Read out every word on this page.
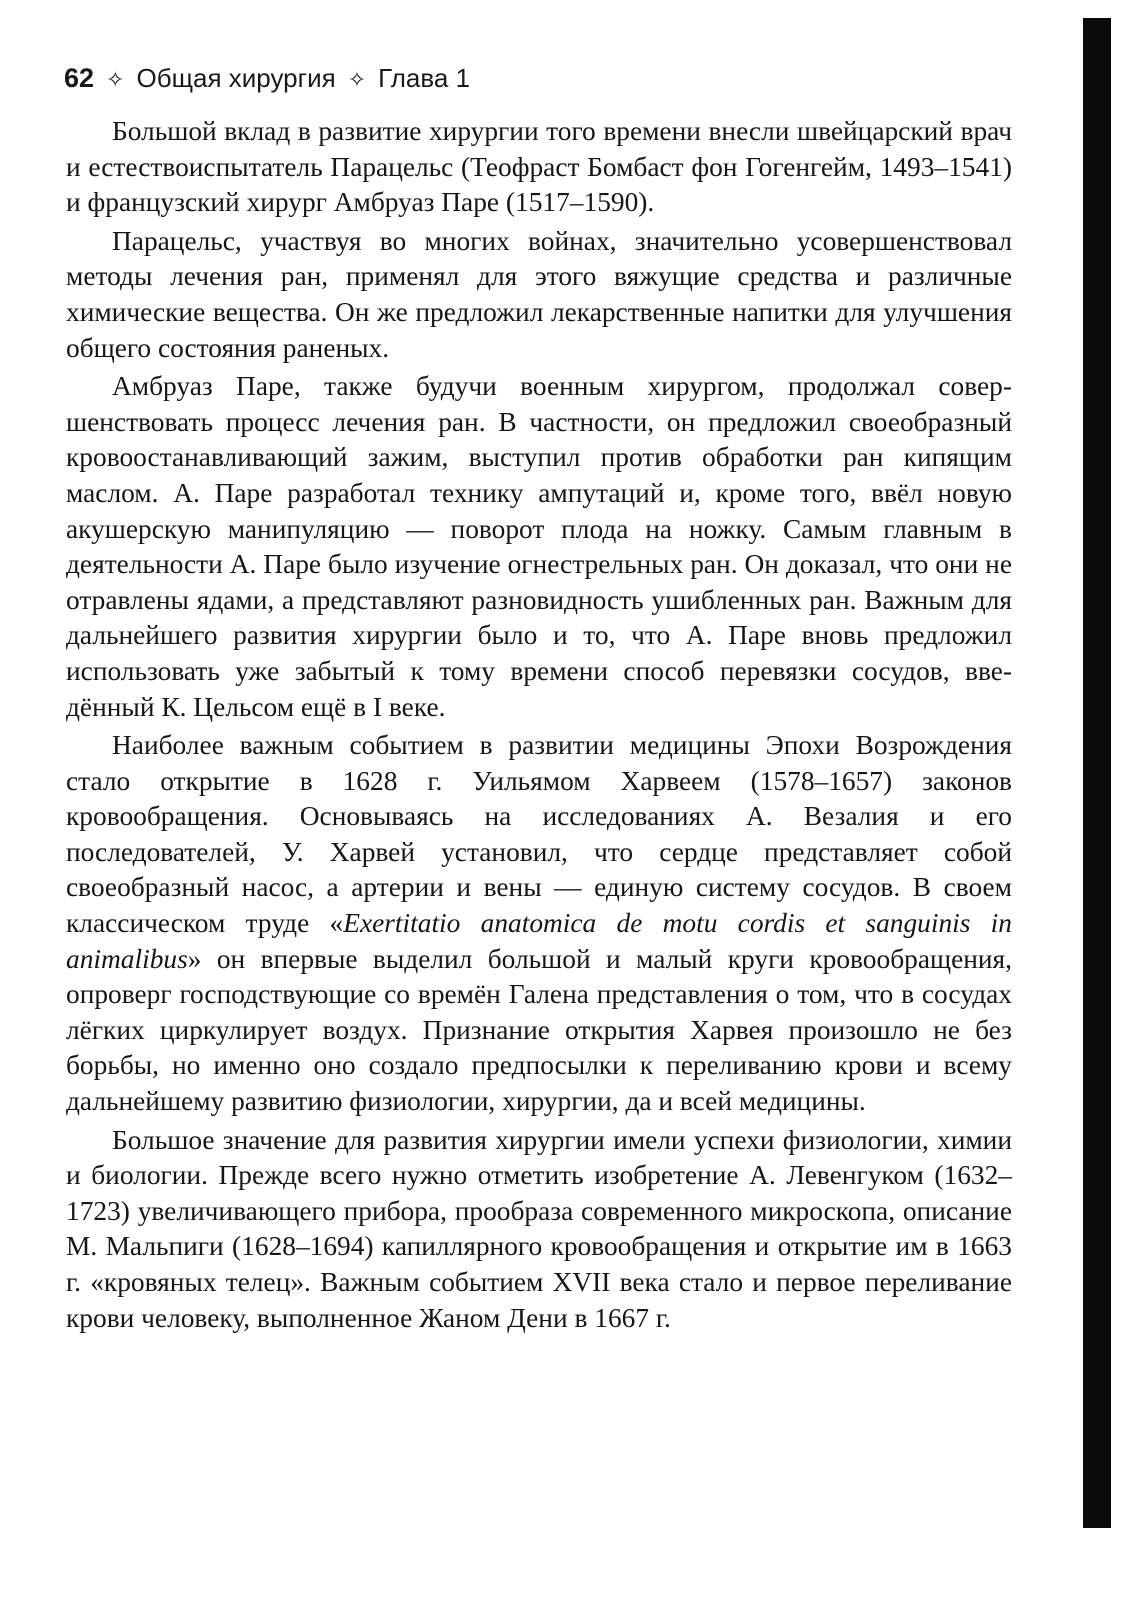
62 ✧ Общая хирургия ✧ Глава 1

Большой вклад в развитие хирургии того времени внесли швейцарский врач и естествоиспытатель Парацельс (Теофраст Бомбаст фон Гогенгейм, 1493–1541) и французский хирург Амбруаз Паре (1517–1590).

Парацельс, участвуя во многих войнах, значительно усовершенствовал методы лечения ран, применял для этого вяжущие средства и различные химические вещества. Он же предложил лекарственные напитки для улучшения общего состояния раненых.

Амбруаз Паре, также будучи военным хирургом, продолжал совершенствовать процесс лечения ран. В частности, он предложил своеобразный кровоостанавливающий зажим, выступил против обработки ран кипящим маслом. А. Паре разработал технику ампутаций и, кроме того, ввёл новую акушерскую манипуляцию — поворот плода на ножку. Самым главным в деятельности А. Паре было изучение огнестрельных ран. Он доказал, что они не отравлены ядами, а представляют разновидность ушибленных ран. Важным для дальнейшего развития хирургии было и то, что А. Паре вновь предложил использовать уже забытый к тому времени способ перевязки сосудов, введённый К. Цельсом ещё в I веке.

Наиболее важным событием в развитии медицины Эпохи Возрождения стало открытие в 1628 г. Уильямом Харвеем (1578–1657) законов кровообращения. Основываясь на исследованиях А. Везалия и его последователей, У. Харвей установил, что сердце представляет собой своеобразный насос, а артерии и вены — единую систему сосудов. В своем классическом труде «Exertitatio anatomica de motu cordis et sanguinis in animalibus» он впервые выделил большой и малый круги кровообращения, опроверг господствующие со времён Галена представления о том, что в сосудах лёгких циркулирует воздух. Признание открытия Харвея произошло не без борьбы, но именно оно создало предпосылки к переливанию крови и всему дальнейшему развитию физиологии, хирургии, да и всей медицины.

Большое значение для развития хирургии имели успехи физиологии, химии и биологии. Прежде всего нужно отметить изобретение А. Левенгуком (1632–1723) увеличивающего прибора, прообраза современного микроскопа, описание М. Мальпиги (1628–1694) капиллярного кровообращения и открытие им в 1663 г. «кровяных телец». Важным событием XVII века стало и первое переливание крови человеку, выполненное Жаном Дени в 1667 г.
